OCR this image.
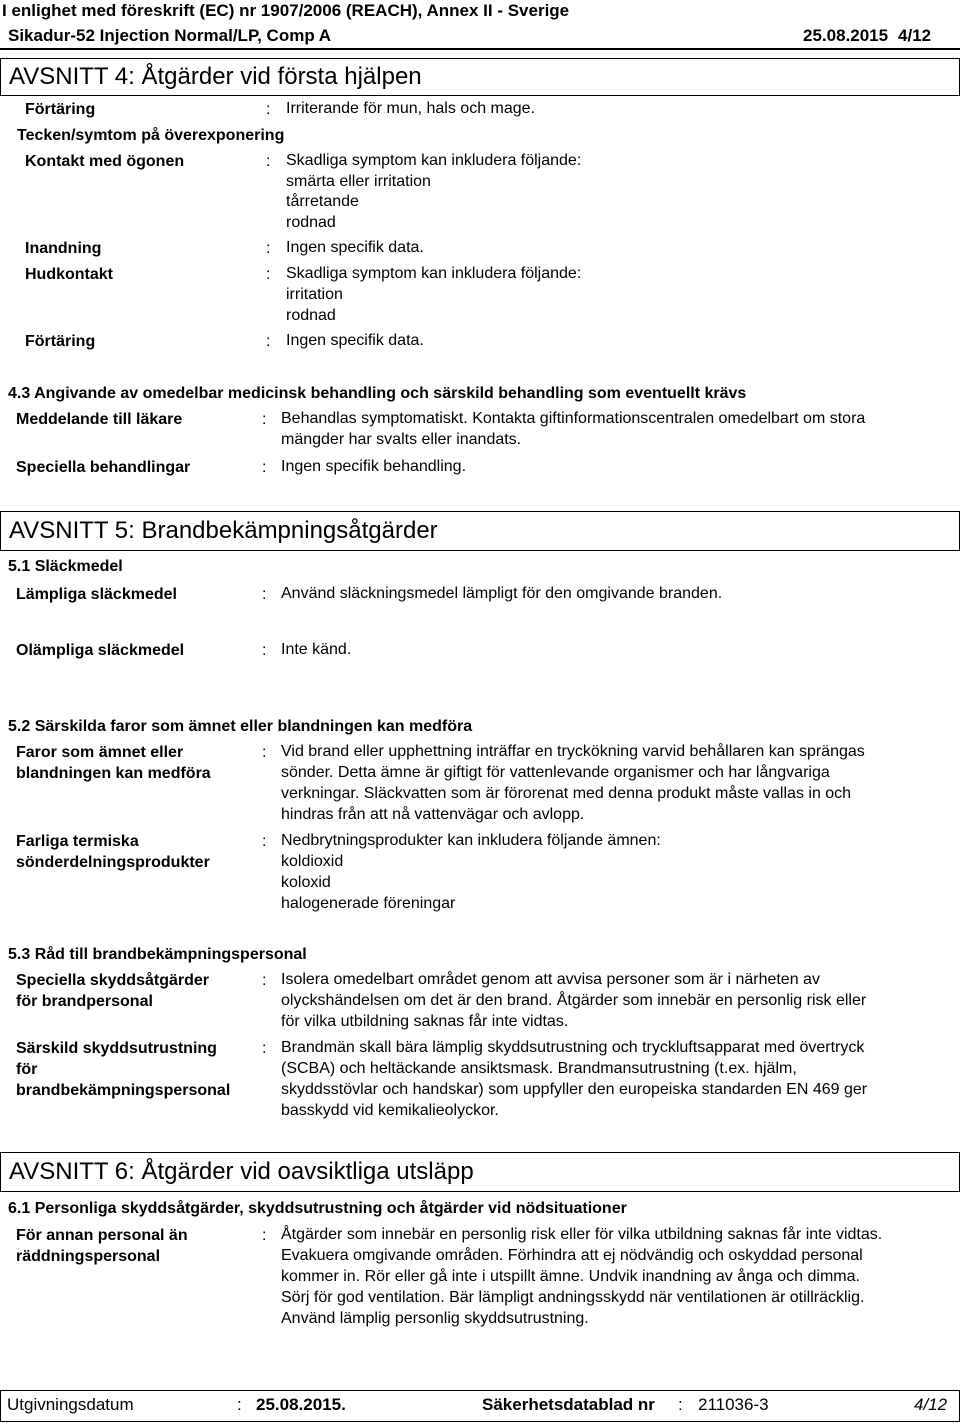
I enlighet med föreskrift (EC) nr 1907/2006 (REACH), Annex II - Sverige
Sikadur-52 Injection Normal/LP, Comp A	25.08.2015 4/12
AVSNITT 4: Åtgärder vid första hjälpen
Förtäring	: Irriterande för mun, hals och mage.
Tecken/symtom på överexponering
Kontakt med ögonen	: Skadliga symptom kan inkludera följande:
smärta eller irritation
tårretande
rodnad
Inandning	: Ingen specifik data.
Hudkontakt	: Skadliga symptom kan inkludera följande:
irritation
rodnad
Förtäring	: Ingen specifik data.
4.3 Angivande av omedelbar medicinsk behandling och särskild behandling som eventuellt krävs
Meddelande till läkare	: Behandlas symptomatiskt. Kontakta giftinformationscentralen omedelbart om stora
mängder har svalts eller inandats.
Speciella behandlingar	: Ingen specifik behandling.
AVSNITT 5: Brandbekämpningsåtgärder
5.1 Släckmedel
Lämpliga släckmedel	: Använd släckningsmedel lämpligt för den omgivande branden.
Olämpliga släckmedel	: Inte känd.
5.2 Särskilda faror som ämnet eller blandningen kan medföra
Faror som ämnet eller
blandningen kan medföra
: Vid brand eller upphettning inträffar en tryckökning varvid behållaren kan sprängas
sönder. Detta ämne är giftigt för vattenlevande organismer och har långvariga
verkningar. Släckvatten som är förorenat med denna produkt måste vallas in och
hindras från att nå vattenvägar och avlopp.
Farliga termiska
sönderdelningsprodukter
: Nedbrytningsprodukter kan inkludera följande ämnen:
koldioxid
koloxid
halogenerade föreningar
5.3 Råd till brandbekämpningspersonal
Speciella skyddsåtgärder
för brandpersonal
: Isolera omedelbart området genom att avvisa personer som är i närheten av
olyckshändelsen om det är den brand. Åtgärder som innebär en personlig risk eller
för vilka utbildning saknas får inte vidtas.
Särskild skyddsutrustning
för
brandbekämpningspersonal
: Brandmän skall bära lämplig skyddsutrustning och tryckluftsapparat med övertryck
(SCBA) och heltäckande ansiktsmask. Brandmansutrustning (t.ex. hjälm,
skyddsstövlar och handskar) som uppfyller den europeiska standarden EN 469 ger
basskydd vid kemikalieolyckor.
AVSNITT 6: Åtgärder vid oavsiktliga utsläpp
6.1 Personliga skyddsåtgärder, skyddsutrustning och åtgärder vid nödsituationer
För annan personal än
räddningspersonal
: Åtgärder som innebär en personlig risk eller för vilka utbildning saknas får inte vidtas.
Evakuera omgivande områden. Förhindra att ej nödvändig och oskyddad personal
kommer in. Rör eller gå inte i utspillt ämne. Undvik inandning av ånga och dimma.
Sörj för god ventilation. Bär lämpligt andningsskydd när ventilationen är otillräcklig.
Använd lämplig personlig skyddsutrustning.
Utgivningsdatum	: 25.08.2015.	Säkerhetsdatablad nr : 211036-3	4/12
